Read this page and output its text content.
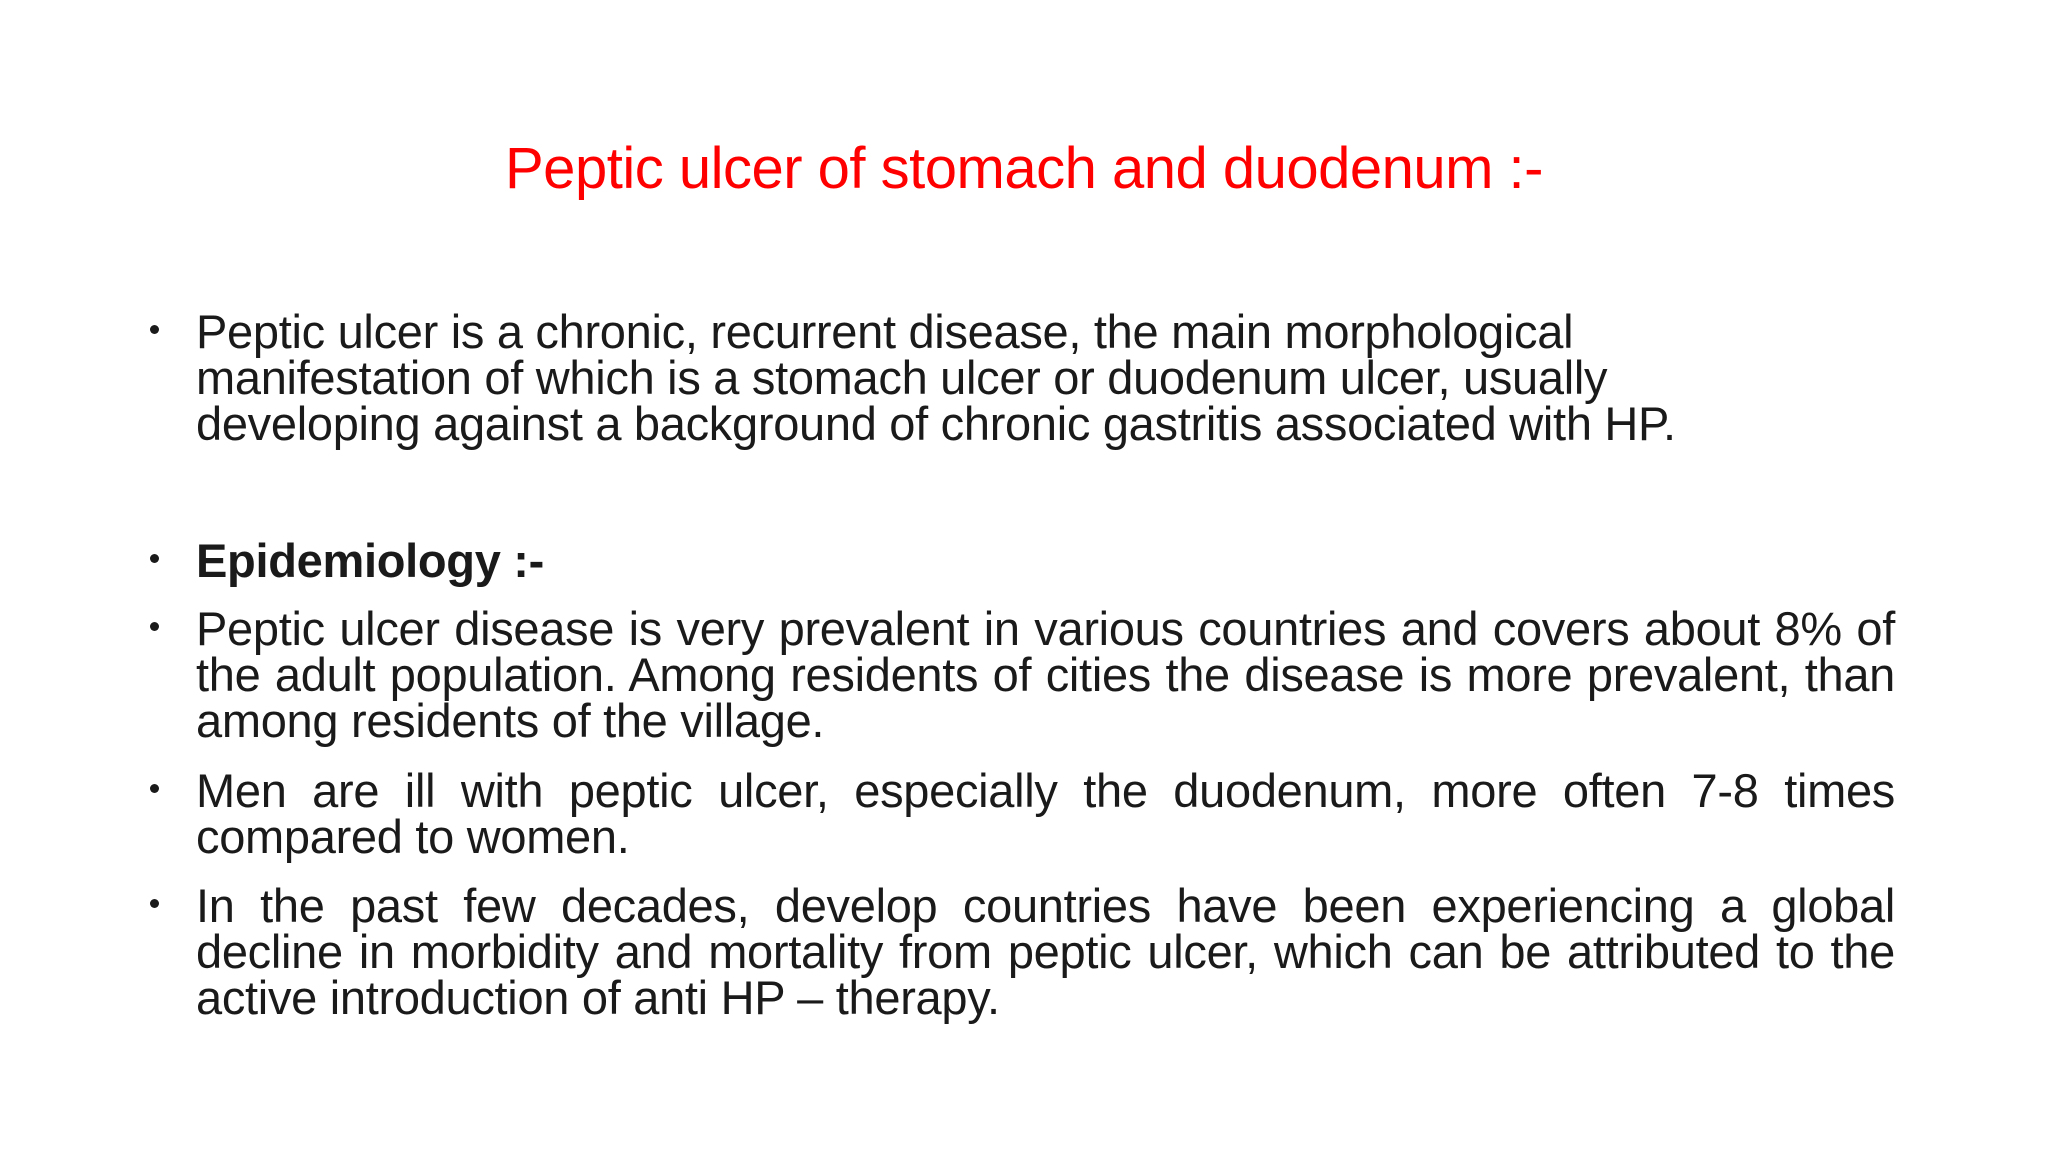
Peptic ulcer of stomach and duodenum :-
Peptic ulcer is a chronic, recurrent disease, the main morphological manifestation of which is a stomach ulcer or duodenum ulcer, usually developing against a background of chronic gastritis associated with HP.
Epidemiology :-
Peptic ulcer disease is very prevalent in various countries and covers about 8% of the adult population. Among residents of cities the disease is more prevalent, than among residents of the village.
Men are ill with peptic ulcer, especially the duodenum, more often 7-8 times compared to women.
In the past few decades, develop countries have been experiencing a global decline in morbidity and mortality from peptic ulcer, which can be attributed to the active introduction of anti HP – therapy.
